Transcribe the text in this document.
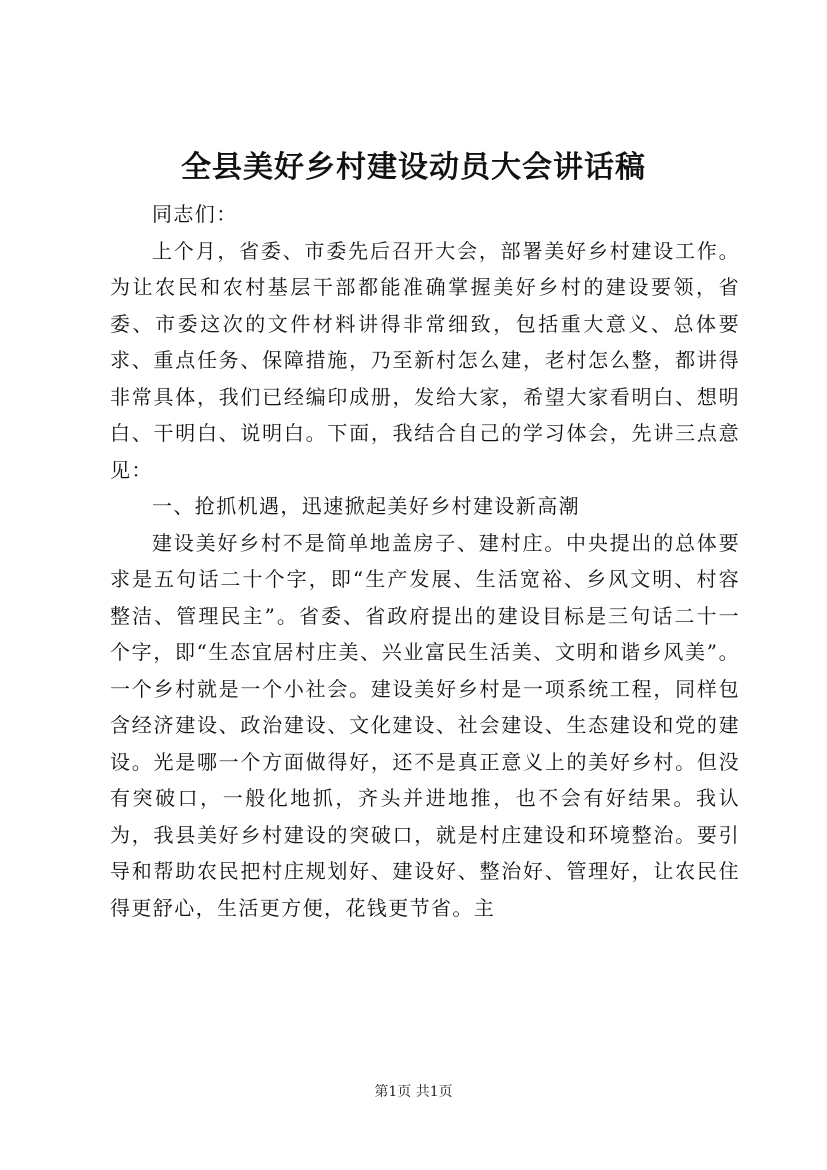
全县美好乡村建设动员大会讲话稿

同志们：

上个月，省委、市委先后召开大会，部署美好乡村建设工作。为让农民和农村基层干部都能准确掌握美好乡村的建设要领，省委、市委这次的文件材料讲得非常细致，包括重大意义、总体要求、重点任务、保障措施，乃至新村怎么建，老村怎么整，都讲得非常具体，我们已经编印成册，发给大家，希望大家看明白、想明白、干明白、说明白。下面，我结合自己的学习体会，先讲三点意见：

一、抢抓机遇，迅速掀起美好乡村建设新高潮

建设美好乡村不是简单地盖房子、建村庄。中央提出的总体要求是五句话二十个字，即“生产发展、生活宽裕、乡风文明、村容整洁、管理民主”。省委、省政府提出的建设目标是三句话二十一个字，即“生态宜居村庄美、兴业富民生活美、文明和谐乡风美”。一个乡村就是一个小社会。建设美好乡村是一项系统工程，同样包含经济建设、政治建设、文化建设、社会建设、生态建设和党的建设。光是哪一个方面做得好，还不是真正意义上的美好乡村。但没有突破口，一般化地抓，齐头并进地推，也不会有好结果。我认为，我县美好乡村建设的突破口，就是村庄建设和环境整治。要引导和帮助农民把村庄规划好、建设好、整治好、管理好，让农民住得更舒心，生活更方便，花钱更节省。主

第1页 共1页
